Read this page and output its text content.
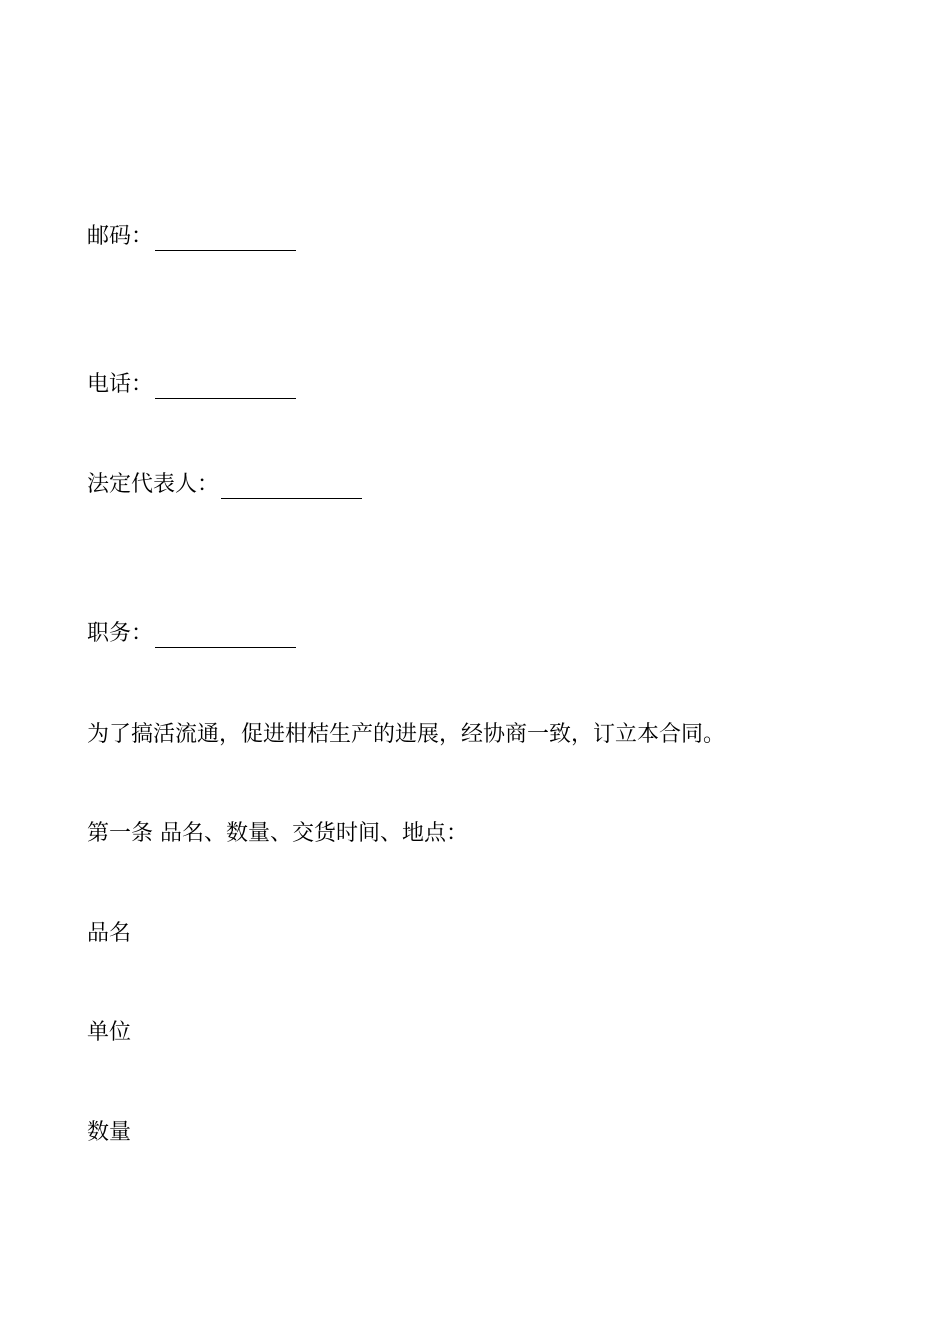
邮码：
电话：
法定代表人：
职务：
为了搞活流通，促进柑桔生产的进展，经协商一致，订立本合同。
第一条 品名、数量、交货时间、地点：
品名
单位
数量
